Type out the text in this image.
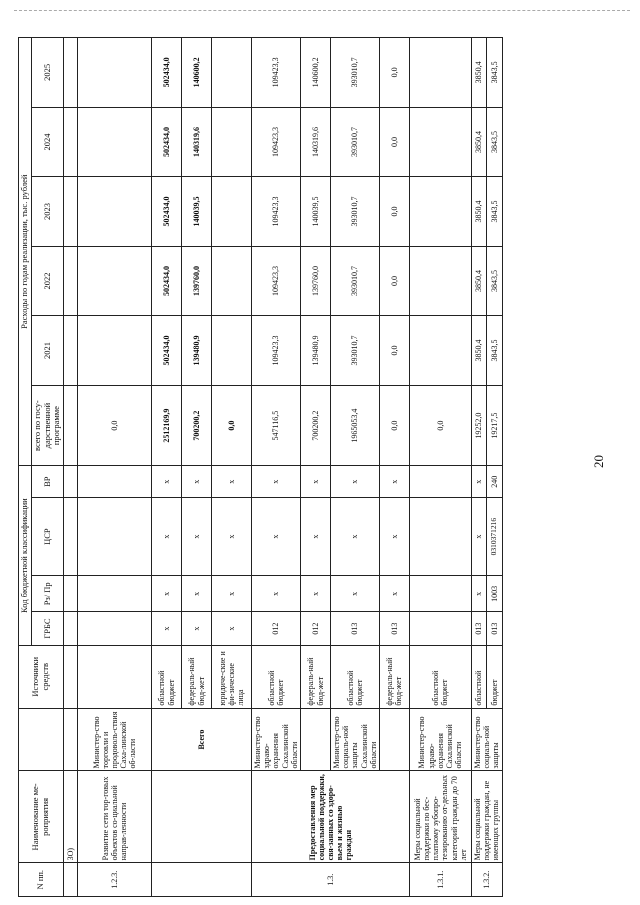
20
N пп.	Наименование ме-роприятия		Источники средств	Код бюджетной классификации				Расходы по годам реализации, тыс. рублей					
				ГРБС	Рз/ Пр	ЦСР	ВР	всего по госу-дарственной программе	2021	2022	2023	2024	2025
	ЗО)												
1.2.3.	Развитие сети тор-говых объектов со-циальной направ-ленности	Министер-ство торговли и продоволь-ствия Саха-линской об-ласти						0,0					
		Всего	областной бюджет	x	x	x	x	2512169,9	502434,0	502434,0	502434,0	502434,0	502434,0
			федераль-ный бюд-жет	x	x	x	x	700200,2	139480,9	139760,0	140039,5	140319,6	140600,2
			юридиче-ские и фи-зические лица	x	x	x	x	0,0					
1.3.	Предоставления мер социальной поддержки, свя-занных со здоро-вьем и жизнью граждан	Министер-ство здраво-охранения Сахалинской области	областной бюджет	012	x	x	x	547116,5	109423,3	109423,3	109423,3	109423,3	109423,3
			федераль-ный бюд-жет	012	x	x	x	700200,2	139480,9	139760,0	140039,5	140319,6	140600,2
		Министер-ство социаль-ной защиты Сахалинской области	областной бюджет	013	x	x	x	1965053,4	393010,7	393010,7	393010,7	393010,7	393010,7
			федераль-ный бюд-жет	013	x	x	x	0,0	0,0	0,0	0,0	0,0	0,0
1.3.1.	Меры социальной поддержки по бес-платному зубопро-тезированию от-дельных категорий граждан до 70 лет	Министер-ство здраво-охранения Сахалинской области	областной бюджет					0,0					
1.3.2.	Меры социальной поддержки граждан, не имеющих группы	Министер-ство социаль-ной защиты	областной	013	x	x	x	19252,0	3850,4	3850,4	3850,4	3850,4	3850,4
			бюджет	013	1003	0310371216	240	19217,5	3843,5	3843,5	3843,5	3843,5	3843,5
